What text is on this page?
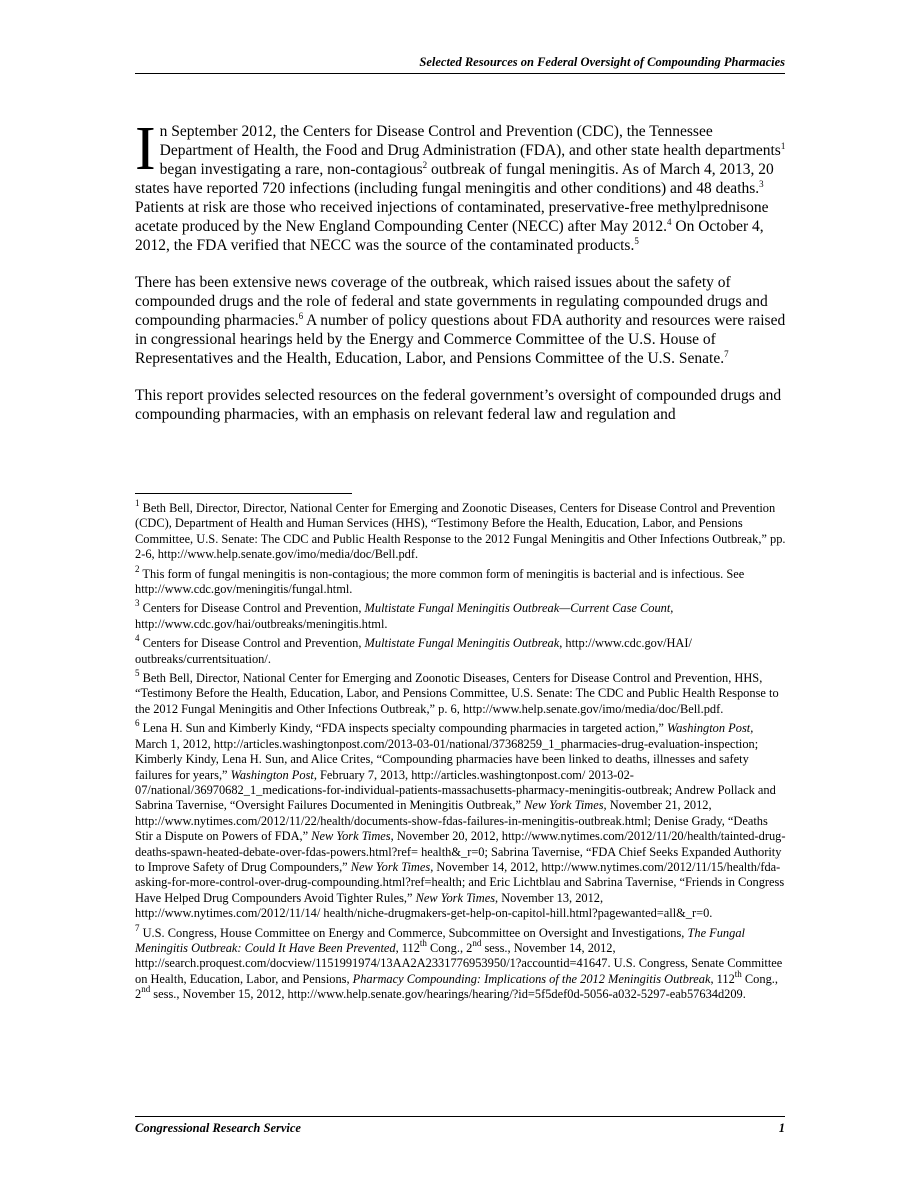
Selected Resources on Federal Oversight of Compounding Pharmacies

In September 2012, the Centers for Disease Control and Prevention (CDC), the Tennessee Department of Health, the Food and Drug Administration (FDA), and other state health departments$^1$ began investigating a rare, non-contagious$^2$ outbreak of fungal meningitis. As of March 4, 2013, 20 states have reported 720 infections (including fungal meningitis and other conditions) and 48 deaths.$^3$ Patients at risk are those who received injections of contaminated, preservative-free methylprednisone acetate produced by the New England Compounding Center (NECC) after May 2012.$^4$ On October 4, 2012, the FDA verified that NECC was the source of the contaminated products.$^5$

There has been extensive news coverage of the outbreak, which raised issues about the safety of compounded drugs and the role of federal and state governments in regulating compounded drugs and compounding pharmacies.$^6$ A number of policy questions about FDA authority and resources were raised in congressional hearings held by the Energy and Commerce Committee of the U.S. House of Representatives and the Health, Education, Labor, and Pensions Committee of the U.S. Senate.$^7$

This report provides selected resources on the federal government’s oversight of compounded drugs and compounding pharmacies, with an emphasis on relevant federal law and regulation and

$^1$ Beth Bell, Director, Director, National Center for Emerging and Zoonotic Diseases, Centers for Disease Control and Prevention (CDC), Department of Health and Human Services (HHS), “Testimony Before the Health, Education, Labor, and Pensions Committee, U.S. Senate: The CDC and Public Health Response to the 2012 Fungal Meningitis and Other Infections Outbreak,” pp. 2-6, http://www.help.senate.gov/imo/media/doc/Bell.pdf.
$^2$ This form of fungal meningitis is non-contagious; the more common form of meningitis is bacterial and is infectious. See http://www.cdc.gov/meningitis/fungal.html.
$^3$ Centers for Disease Control and Prevention, Multistate Fungal Meningitis Outbreak—Current Case Count, http://www.cdc.gov/hai/outbreaks/meningitis.html.
$^4$ Centers for Disease Control and Prevention, Multistate Fungal Meningitis Outbreak, http://www.cdc.gov/HAI/ outbreaks/currentsituation/.
$^5$ Beth Bell, Director, National Center for Emerging and Zoonotic Diseases, Centers for Disease Control and Prevention, HHS, “Testimony Before the Health, Education, Labor, and Pensions Committee, U.S. Senate: The CDC and Public Health Response to the 2012 Fungal Meningitis and Other Infections Outbreak,” p. 6, http://www.help.senate.gov/imo/media/doc/Bell.pdf.
$^6$ Lena H. Sun and Kimberly Kindy, “FDA inspects specialty compounding pharmacies in targeted action,” Washington Post, March 1, 2012, http://articles.washingtonpost.com/2013-03-01/national/37368259_1_pharmacies-drug-evaluation-inspection; Kimberly Kindy, Lena H. Sun, and Alice Crites, “Compounding pharmacies have been linked to deaths, illnesses and safety failures for years,” Washington Post, February 7, 2013, http://articles.washingtonpost.com/ 2013-02-07/national/36970682_1_medications-for-individual-patients-massachusetts-pharmacy-meningitis-outbreak; Andrew Pollack and Sabrina Tavernise, “Oversight Failures Documented in Meningitis Outbreak,” New York Times, November 21, 2012, http://www.nytimes.com/2012/11/22/health/documents-show-fdas-failures-in-meningitis-outbreak.html; Denise Grady, “Deaths Stir a Dispute on Powers of FDA,” New York Times, November 20, 2012, http://www.nytimes.com/2012/11/20/health/tainted-drug-deaths-spawn-heated-debate-over-fdas-powers.html?ref= health&_r=0; Sabrina Tavernise, “FDA Chief Seeks Expanded Authority to Improve Safety of Drug Compounders,” New York Times, November 14, 2012, http://www.nytimes.com/2012/11/15/health/fda-asking-for-more-control-over-drug-compounding.html?ref=health; and Eric Lichtblau and Sabrina Tavernise, “Friends in Congress Have Helped Drug Compounders Avoid Tighter Rules,” New York Times, November 13, 2012, http://www.nytimes.com/2012/11/14/ health/niche-drugmakers-get-help-on-capitol-hill.html?pagewanted=all&_r=0.
$^7$ U.S. Congress, House Committee on Energy and Commerce, Subcommittee on Oversight and Investigations, The Fungal Meningitis Outbreak: Could It Have Been Prevented, 112th Cong., 2nd sess., November 14, 2012, http://search.proquest.com/docview/1151991974/13AA2A2331776953950/1?accountid=41647. U.S. Congress, Senate Committee on Health, Education, Labor, and Pensions, Pharmacy Compounding: Implications of the 2012 Meningitis Outbreak, 112th Cong., 2nd sess., November 15, 2012, http://www.help.senate.gov/hearings/hearing/?id=5f5def0d-5056-a032-5297-eab57634d209.
Congressional Research Service	1
